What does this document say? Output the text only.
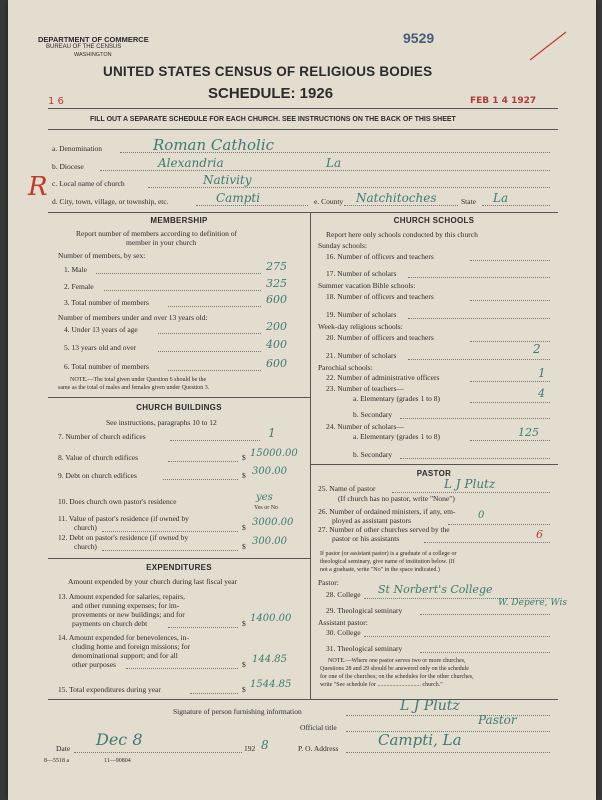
DEPARTMENT OF COMMERCE
BUREAU OF THE CENSUS
WASHINGTON
9529
UNITED STATES CENSUS OF RELIGIOUS BODIES
SCHEDULE: 1926	FEB 1 4 1927
1 6
FILL OUT A SEPARATE SCHEDULE FOR EACH CHURCH. SEE INSTRUCTIONS ON THE BACK OF THIS SHEET
R
a. Denomination	Roman Catholic
b. Diocese	Alexandria	La
c. Local name of church	Nativity
d. City, town, village, or township, etc.	Campti	e. County Natchitoches	State La
MEMBERSHIP
Report number of members according to definition of
member in your church
Number of members, by sex:
1. Male	275
2. Female	325
3. Total number of members	600
Number of members under and over 13 years old:
4. Under 13 years of age	200
5. 13 years old and over	400
6. Total number of members	600
NOTE.—The total given under Question 6 should be the
same as the total of males and females given under Question 3.
CHURCH BUILDINGS
See instructions, paragraphs 10 to 12
7. Number of church edifices	1
8. Value of church edifices	$ 15000.00
9. Debt on church edifices	$ 300.00
10. Does church own pastor's residence	yes
Yes or No
11. Value of pastor's residence (if owned by
church)	$ 3000.00
12. Debt on pastor's residence (if owned by
church)	$ 300.00
EXPENDITURES
Amount expended by your church during last fiscal year
13. Amount expended for salaries, repairs,
and other running expenses; for im-
provements or new buildings; and for
payments on church debt	$ 1400.00
14. Amount expended for benevolences, in-
cluding home and foreign missions; for
denominational support; and for all
other purposes	$ 144.85
15. Total expenditures during year	$ 1544.85
CHURCH SCHOOLS
Report here only schools conducted by this church
Sunday schools:
16. Number of officers and teachers
17. Number of scholars
Summer vacation Bible schools:
18. Number of officers and teachers
19. Number of scholars
Week-day religious schools:
20. Number of officers and teachers
21. Number of scholars	2
Parochial schools:
22. Number of administrative officers	1
23. Number of teachers—
a. Elementary (grades 1 to 8)	4
b. Secondary
24. Number of scholars—
a. Elementary (grades 1 to 8)	125
b. Secondary
PASTOR
25. Name of pastor	L J Plutz
(If church has no pastor, write "None")
26. Number of ordained ministers, if any, em-
ployed as assistant pastors	0
27. Number of other churches served by the
pastor or his assistants	6
If pastor (or assistant pastor) is a graduate of a college or
theological seminary, give name of institution below. (If
not a graduate, write "No" in the space indicated.)
Pastor:
28. College St Norbert's College
29. Theological seminary
W. Depere, Wis
Assistant pastor:
30. College
31. Theological seminary
NOTE.—Where one pastor serves two or more churches,
Questions 28 and 29 should be answered only on the schedule
for one of the churches; on the schedules for the other churches,
write "See schedule for ............................. church."
Signature of person furnishing information	L J Plutz
Official title
Pastor
Date Dec 8	192 8	P. O. Address	Campti, La
8—5518 a	11—90804
